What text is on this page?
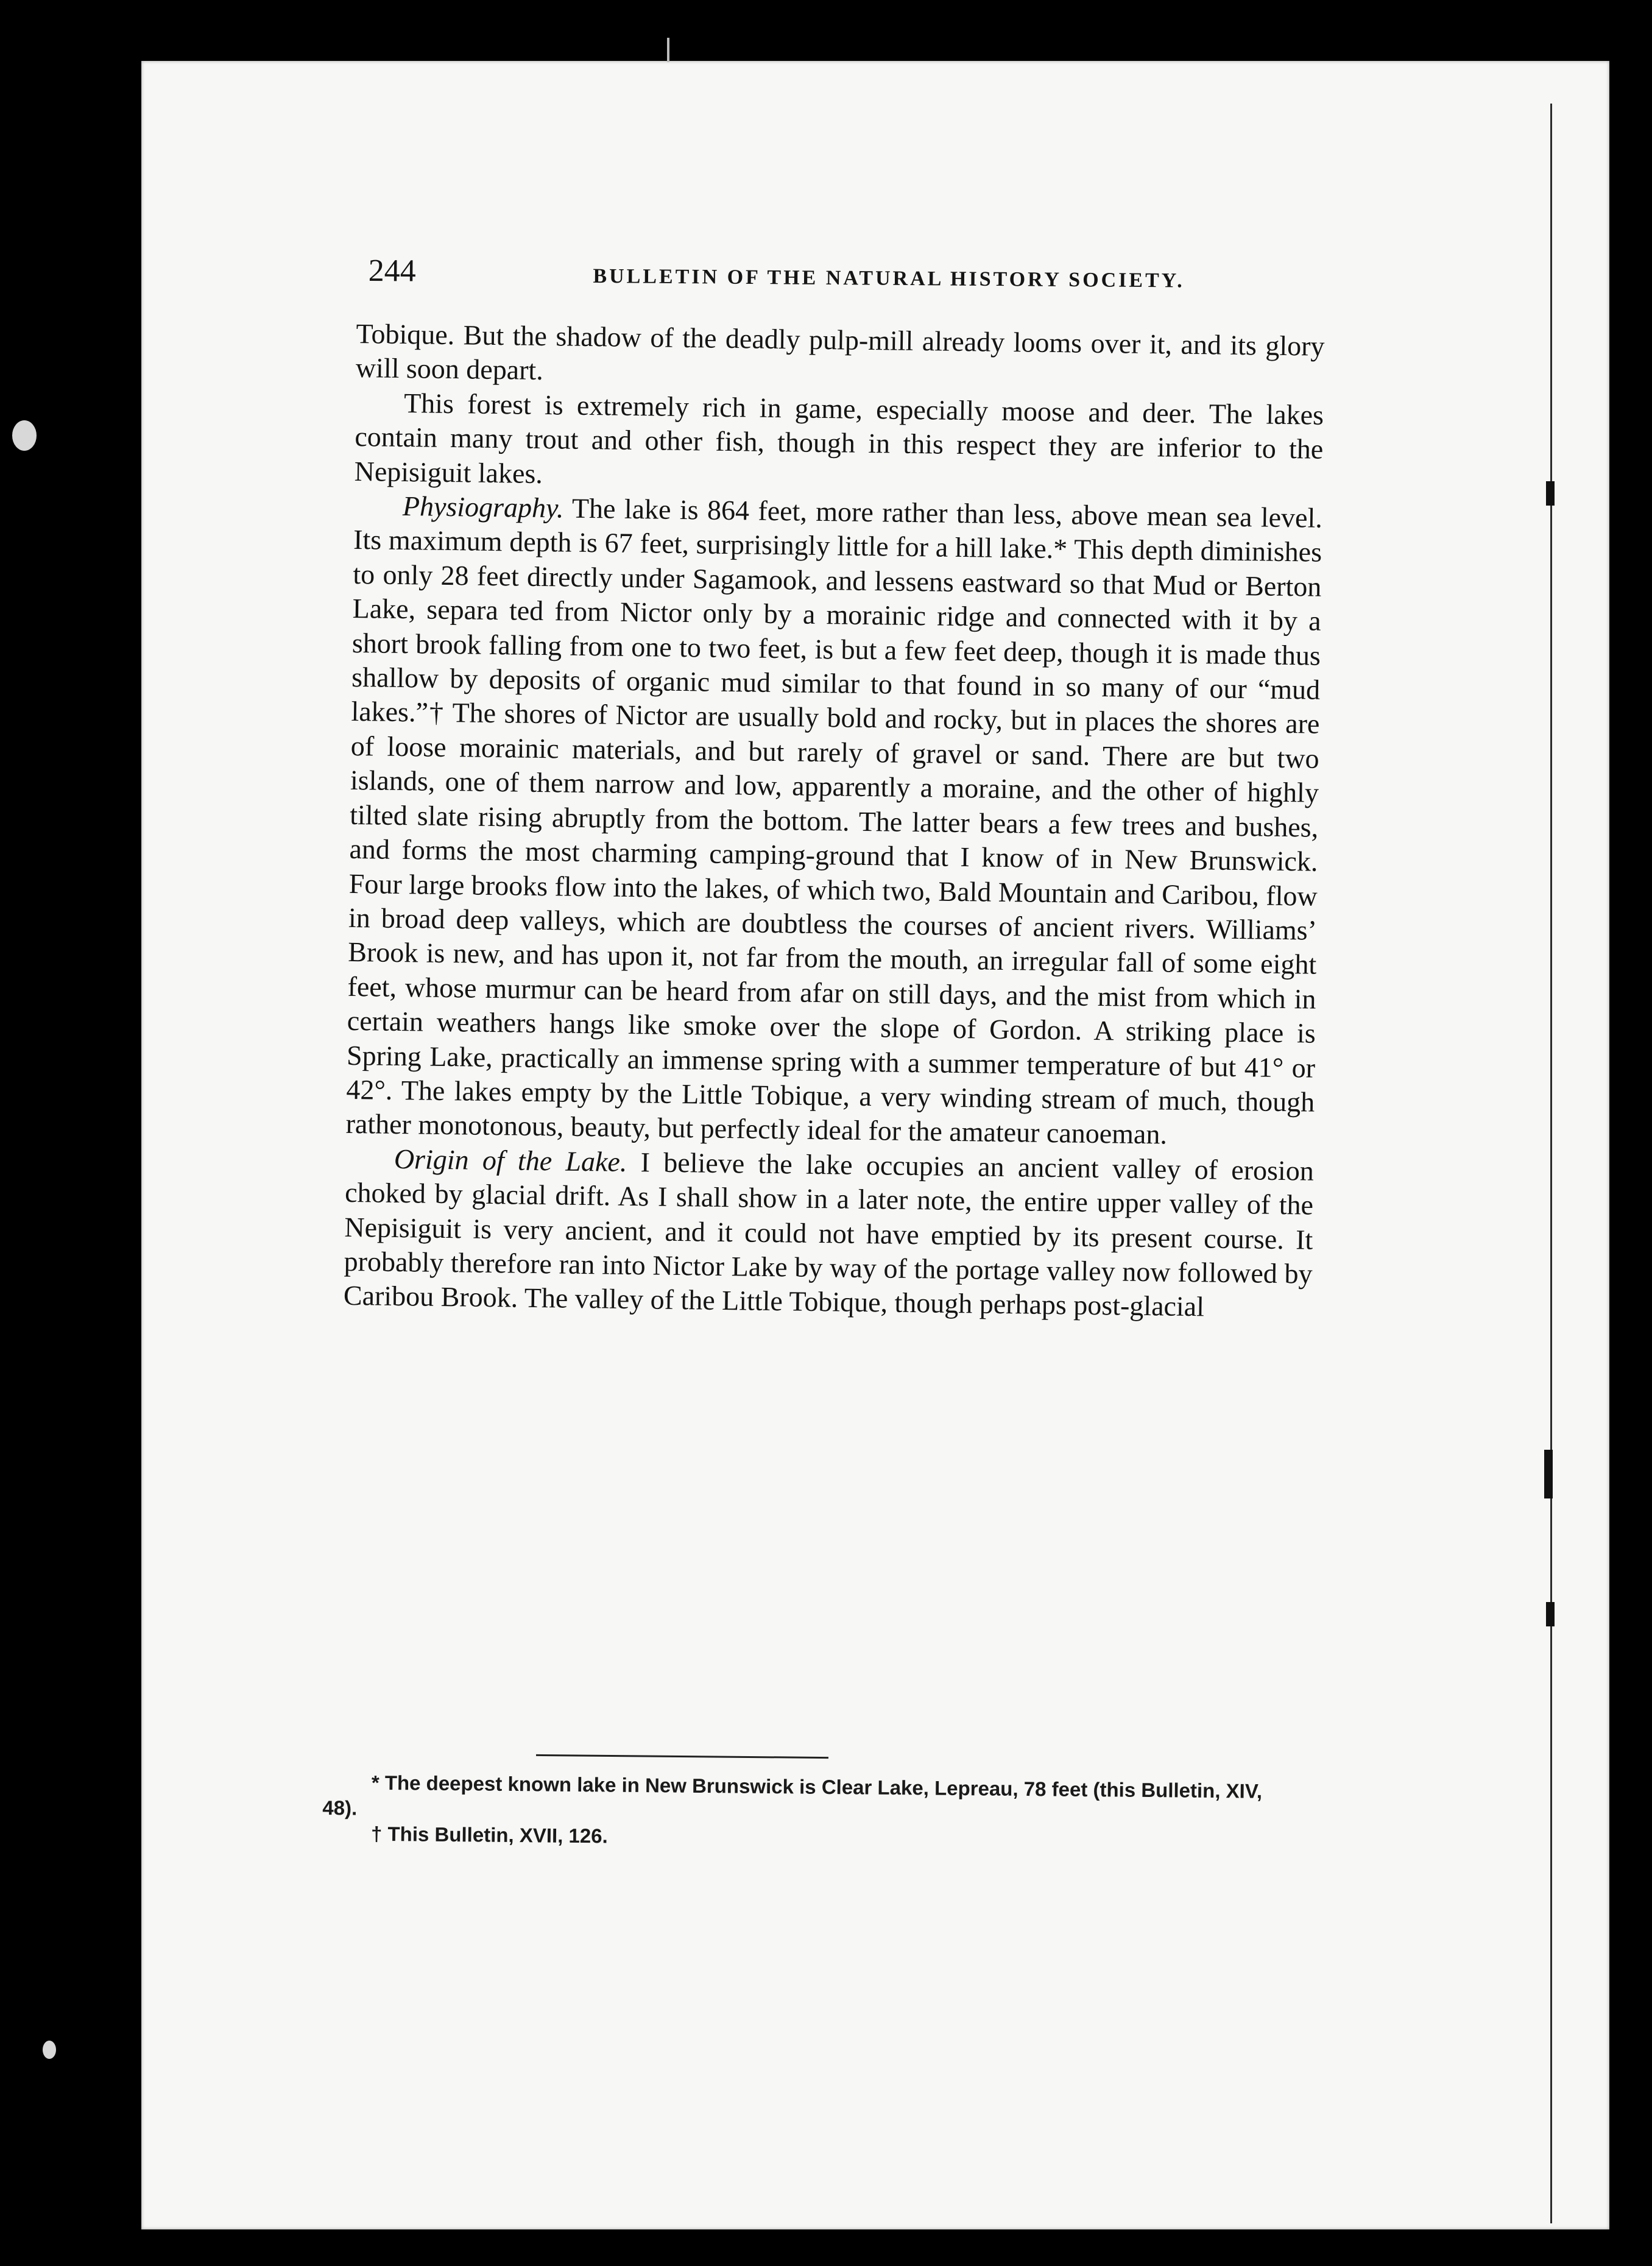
244	BULLETIN OF THE NATURAL HISTORY SOCIETY.

Tobique. But the shadow of the deadly pulp-mill already looms over it, and its glory will soon depart.

This forest is extremely rich in game, especially moose and deer. The lakes contain many trout and other fish, though in this respect they are inferior to the Nepisiguit lakes.

Physiography. The lake is 864 feet, more rather than less, above mean sea level. Its maximum depth is 67 feet, surprisingly little for a hill lake.* This depth diminishes to only 28 feet directly under Sagamook, and lessens eastward so that Mud or Berton Lake, separa ted from Nictor only by a morainic ridge and connected with it by a short brook falling from one to two feet, is but a few feet deep, though it is made thus shallow by deposits of organic mud similar to that found in so many of our “mud lakes.”† The shores of Nictor are usually bold and rocky, but in places the shores are of loose morainic materials, and but rarely of gravel or sand. There are but two islands, one of them narrow and low, apparently a moraine, and the other of highly tilted slate rising abruptly from the bottom. The latter bears a few trees and bushes, and forms the most charming camping-ground that I know of in New Brunswick. Four large brooks flow into the lakes, of which two, Bald Mountain and Caribou, flow in broad deep valleys, which are doubtless the courses of ancient rivers. Williams’ Brook is new, and has upon it, not far from the mouth, an irregular fall of some eight feet, whose murmur can be heard from afar on still days, and the mist from which in certain weathers hangs like smoke over the slope of Gordon. A striking place is Spring Lake, practically an immense spring with a summer temperature of but 41° or 42°. The lakes empty by the Little Tobique, a very winding stream of much, though rather monotonous, beauty, but perfectly ideal for the amateur canoeman.

Origin of the Lake. I believe the lake occupies an ancient valley of erosion choked by glacial drift. As I shall show in a later note, the entire upper valley of the Nepisiguit is very ancient, and it could not have emptied by its present course. It probably therefore ran into Nictor Lake by way of the portage valley now followed by Caribou Brook. The valley of the Little Tobique, though perhaps post-glacial

* The deepest known lake in New Brunswick is Clear Lake, Lepreau, 78 feet (this Bulletin, XIV, 48).

† This Bulletin, XVII, 126.
